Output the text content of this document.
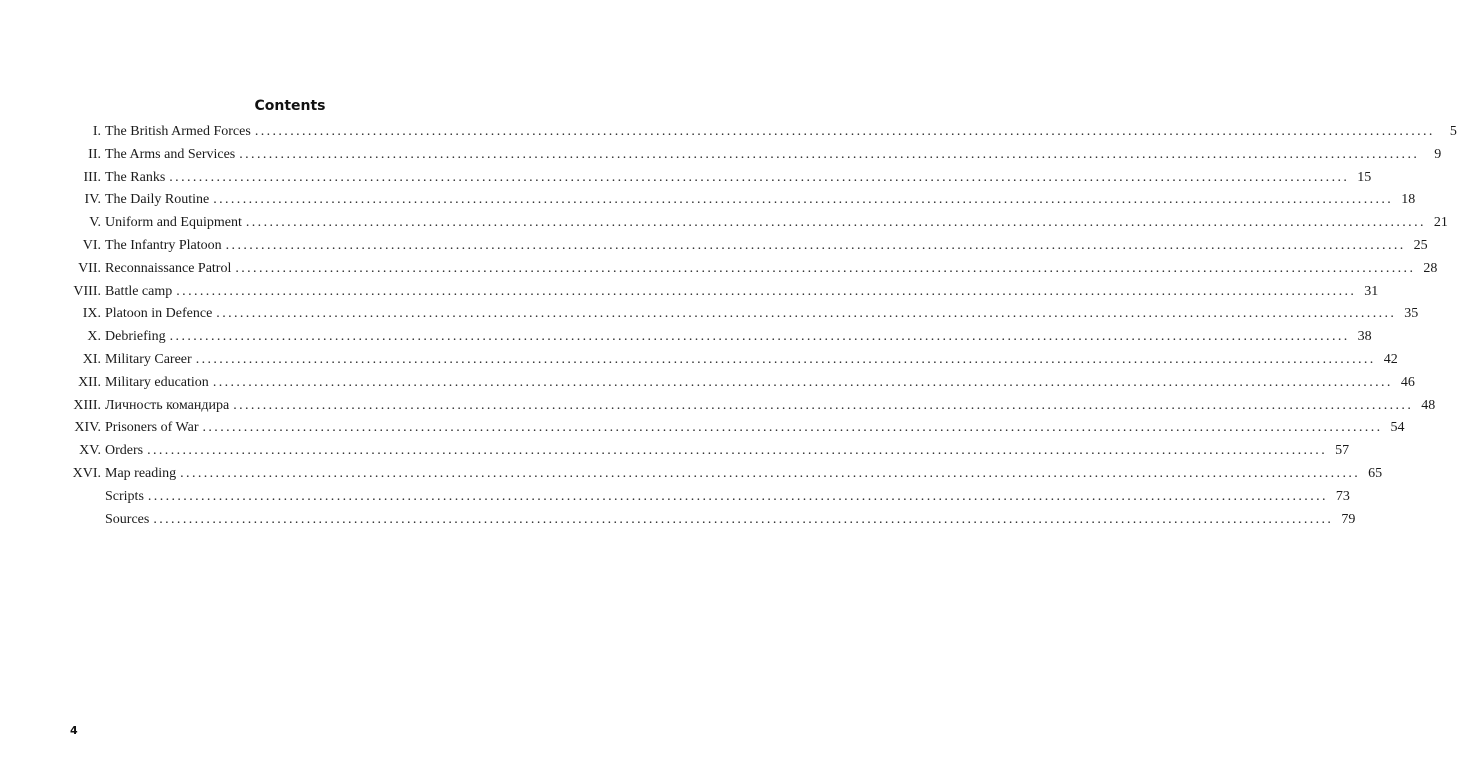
Contents
I. The British Armed Forces ........................................................................................................................................................................................................	5
II. The Arms and Services ........................................................................................................................................................................................................	9
III. The Ranks ........................................................................................................................................................................................................ 15
IV. The Daily Routine ........................................................................................................................................................................................................ 18
V. Uniform and Equipment ........................................................................................................................................................................................................ 21
VI. The Infantry Platoon ........................................................................................................................................................................................................ 25
VII. Reconnaissance Patrol ........................................................................................................................................................................................................ 28
VIII. Battle camp ........................................................................................................................................................................................................ 31
IX. Platoon in Defence ........................................................................................................................................................................................................ 35
X. Debriefing ........................................................................................................................................................................................................ 38
XI. Military Career ........................................................................................................................................................................................................ 42
XII. Military education ........................................................................................................................................................................................................ 46
XIII. Личность командира ........................................................................................................................................................................................................ 48
XIV. Prisoners of War ........................................................................................................................................................................................................ 54
XV. Orders ........................................................................................................................................................................................................ 57
XVI. Map reading ........................................................................................................................................................................................................ 65
Scripts ........................................................................................................................................................................................................ 73
Sources ........................................................................................................................................................................................................ 79
4
